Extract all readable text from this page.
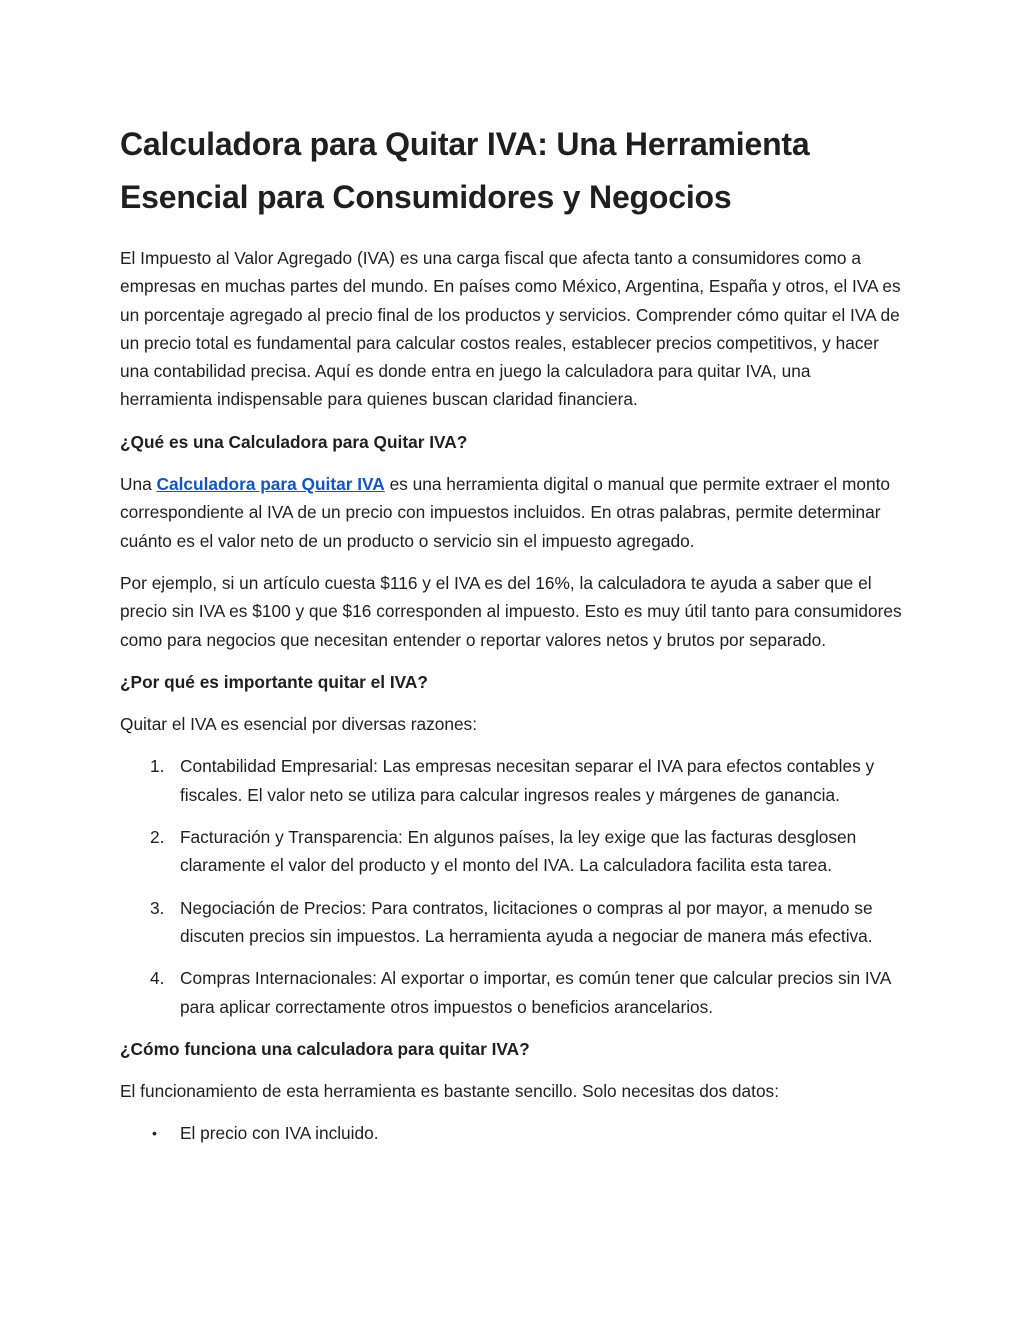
Calculadora para Quitar IVA: Una Herramienta Esencial para Consumidores y Negocios

El Impuesto al Valor Agregado (IVA) es una carga fiscal que afecta tanto a consumidores como a empresas en muchas partes del mundo. En países como México, Argentina, España y otros, el IVA es un porcentaje agregado al precio final de los productos y servicios. Comprender cómo quitar el IVA de un precio total es fundamental para calcular costos reales, establecer precios competitivos, y hacer una contabilidad precisa. Aquí es donde entra en juego la calculadora para quitar IVA, una herramienta indispensable para quienes buscan claridad financiera.

¿Qué es una Calculadora para Quitar IVA?

Una Calculadora para Quitar IVA es una herramienta digital o manual que permite extraer el monto correspondiente al IVA de un precio con impuestos incluidos. En otras palabras, permite determinar cuánto es el valor neto de un producto o servicio sin el impuesto agregado.

Por ejemplo, si un artículo cuesta $116 y el IVA es del 16%, la calculadora te ayuda a saber que el precio sin IVA es $100 y que $16 corresponden al impuesto. Esto es muy útil tanto para consumidores como para negocios que necesitan entender o reportar valores netos y brutos por separado.

¿Por qué es importante quitar el IVA?

Quitar el IVA es esencial por diversas razones:

1. Contabilidad Empresarial: Las empresas necesitan separar el IVA para efectos contables y fiscales. El valor neto se utiliza para calcular ingresos reales y márgenes de ganancia.
2. Facturación y Transparencia: En algunos países, la ley exige que las facturas desglosen claramente el valor del producto y el monto del IVA. La calculadora facilita esta tarea.
3. Negociación de Precios: Para contratos, licitaciones o compras al por mayor, a menudo se discuten precios sin impuestos. La herramienta ayuda a negociar de manera más efectiva.
4. Compras Internacionales: Al exportar o importar, es común tener que calcular precios sin IVA para aplicar correctamente otros impuestos o beneficios arancelarios.
¿Cómo funciona una calculadora para quitar IVA?

El funcionamiento de esta herramienta es bastante sencillo. Solo necesitas dos datos:

• El precio con IVA incluido.
